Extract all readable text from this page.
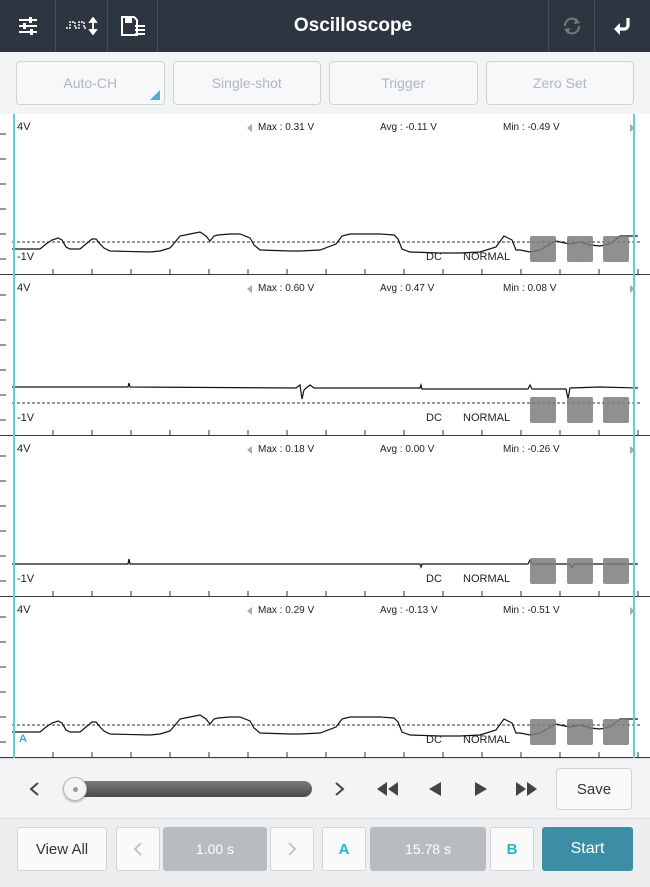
Oscilloscope
Auto-CH	Single-shot	Trigger	Zero Set
4V
-1V
Max : 0.31 V	Avg : -0.11 V	Min : -0.49 V
DC NORMAL
4V
-1V
Max : 0.60 V	Avg : 0.47 V	Min : 0.08 V
DC NORMAL
4V
-1V
Max : 0.18 V	Avg : 0.00 V	Min : -0.26 V
DC NORMAL
4V
A
Max : 0.29 V	Avg : -0.13 V	Min : -0.51 V
DC NORMAL
Save
View All	1.00 s	A	15.78 s	B	Start
